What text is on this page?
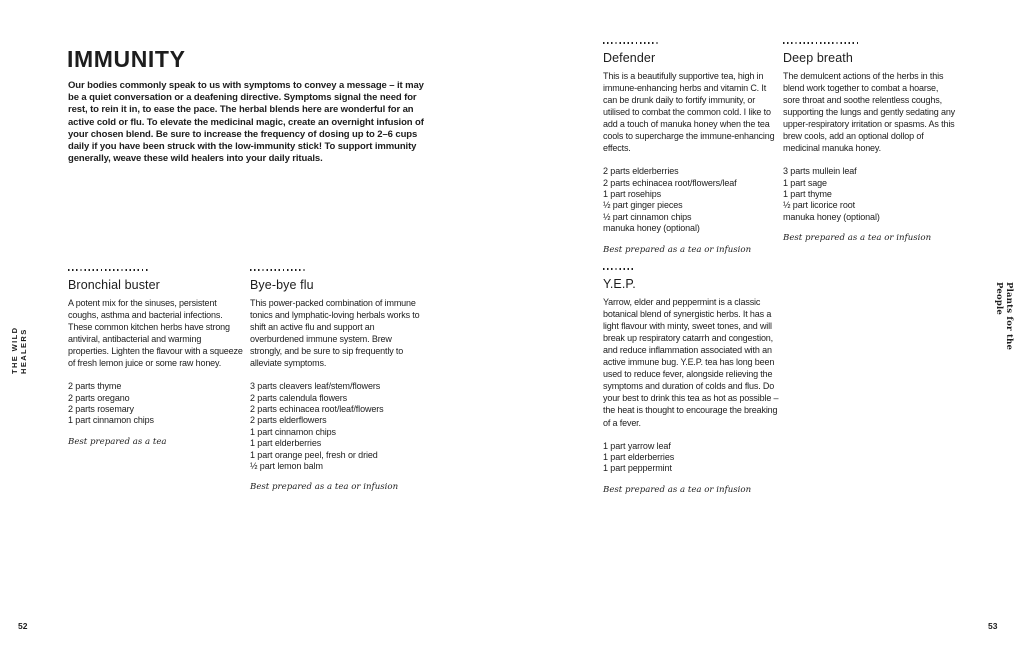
THE WILD HEALERS
IMMUNITY

Our bodies commonly speak to us with symptoms to convey a message – it may be a quiet conversation or a deafening directive. Symptoms signal the need for rest, to rein it in, to ease the pace. The herbal blends here are wonderful for an active cold or flu. To elevate the medicinal magic, create an overnight infusion of your chosen blend. Be sure to increase the frequency of dosing up to 2–6 cups daily if you have been struck with the low-immunity stick! To support immunity generally, weave these wild healers into your daily rituals.

52
Bronchial buster

A potent mix for the sinuses, persistent coughs, asthma and bacterial infections. These common kitchen herbs have strong antiviral, antibacterial and warming properties. Lighten the flavour with a squeeze of fresh lemon juice or some raw honey.

2 parts thyme
2 parts oregano
2 parts rosemary
1 part cinnamon chips

Best prepared as a tea

Bye-bye flu

This power-packed combination of immune tonics and lymphatic-loving herbals works to shift an active flu and support an overburdened immune system. Brew strongly, and be sure to sip frequently to alleviate symptoms.

3 parts cleavers leaf/stem/flowers
2 parts calendula flowers
2 parts echinacea root/leaf/flowers
2 parts elderflowers
1 part cinnamon chips
1 part elderberries
1 part orange peel, fresh or dried
½ part lemon balm

Best prepared as a tea or infusion

Defender

This is a beautifully supportive tea, high in immune-enhancing herbs and vitamin C. It can be drunk daily to fortify immunity, or utilised to combat the common cold. I like to add a touch of manuka honey when the tea cools to supercharge the immune-enhancing effects.

2 parts elderberries
2 parts echinacea root/flowers/leaf
1 part rosehips
½ part ginger pieces
½ part cinnamon chips
manuka honey (optional)

Best prepared as a tea or infusion

Deep breath

The demulcent actions of the herbs in this blend work together to combat a hoarse, sore throat and soothe relentless coughs, supporting the lungs and gently sedating any upper-respiratory irritation or spasms. As this brew cools, add an optional dollop of medicinal manuka honey.

3 parts mullein leaf
1 part sage
1 part thyme
½ part licorice root
manuka honey (optional)

Best prepared as a tea or infusion

Y.E.P.

Yarrow, elder and peppermint is a classic botanical blend of synergistic herbs. It has a light flavour with minty, sweet tones, and will break up respiratory catarrh and congestion, and reduce inflammation associated with an active immune bug. Y.E.P. tea has long been used to reduce fever, alongside relieving the symptoms and duration of colds and flus. Do your best to drink this tea as hot as possible – the heat is thought to encourage the breaking of a fever.

1 part yarrow leaf
1 part elderberries
1 part peppermint

Best prepared as a tea or infusion

Plants for the People
53
